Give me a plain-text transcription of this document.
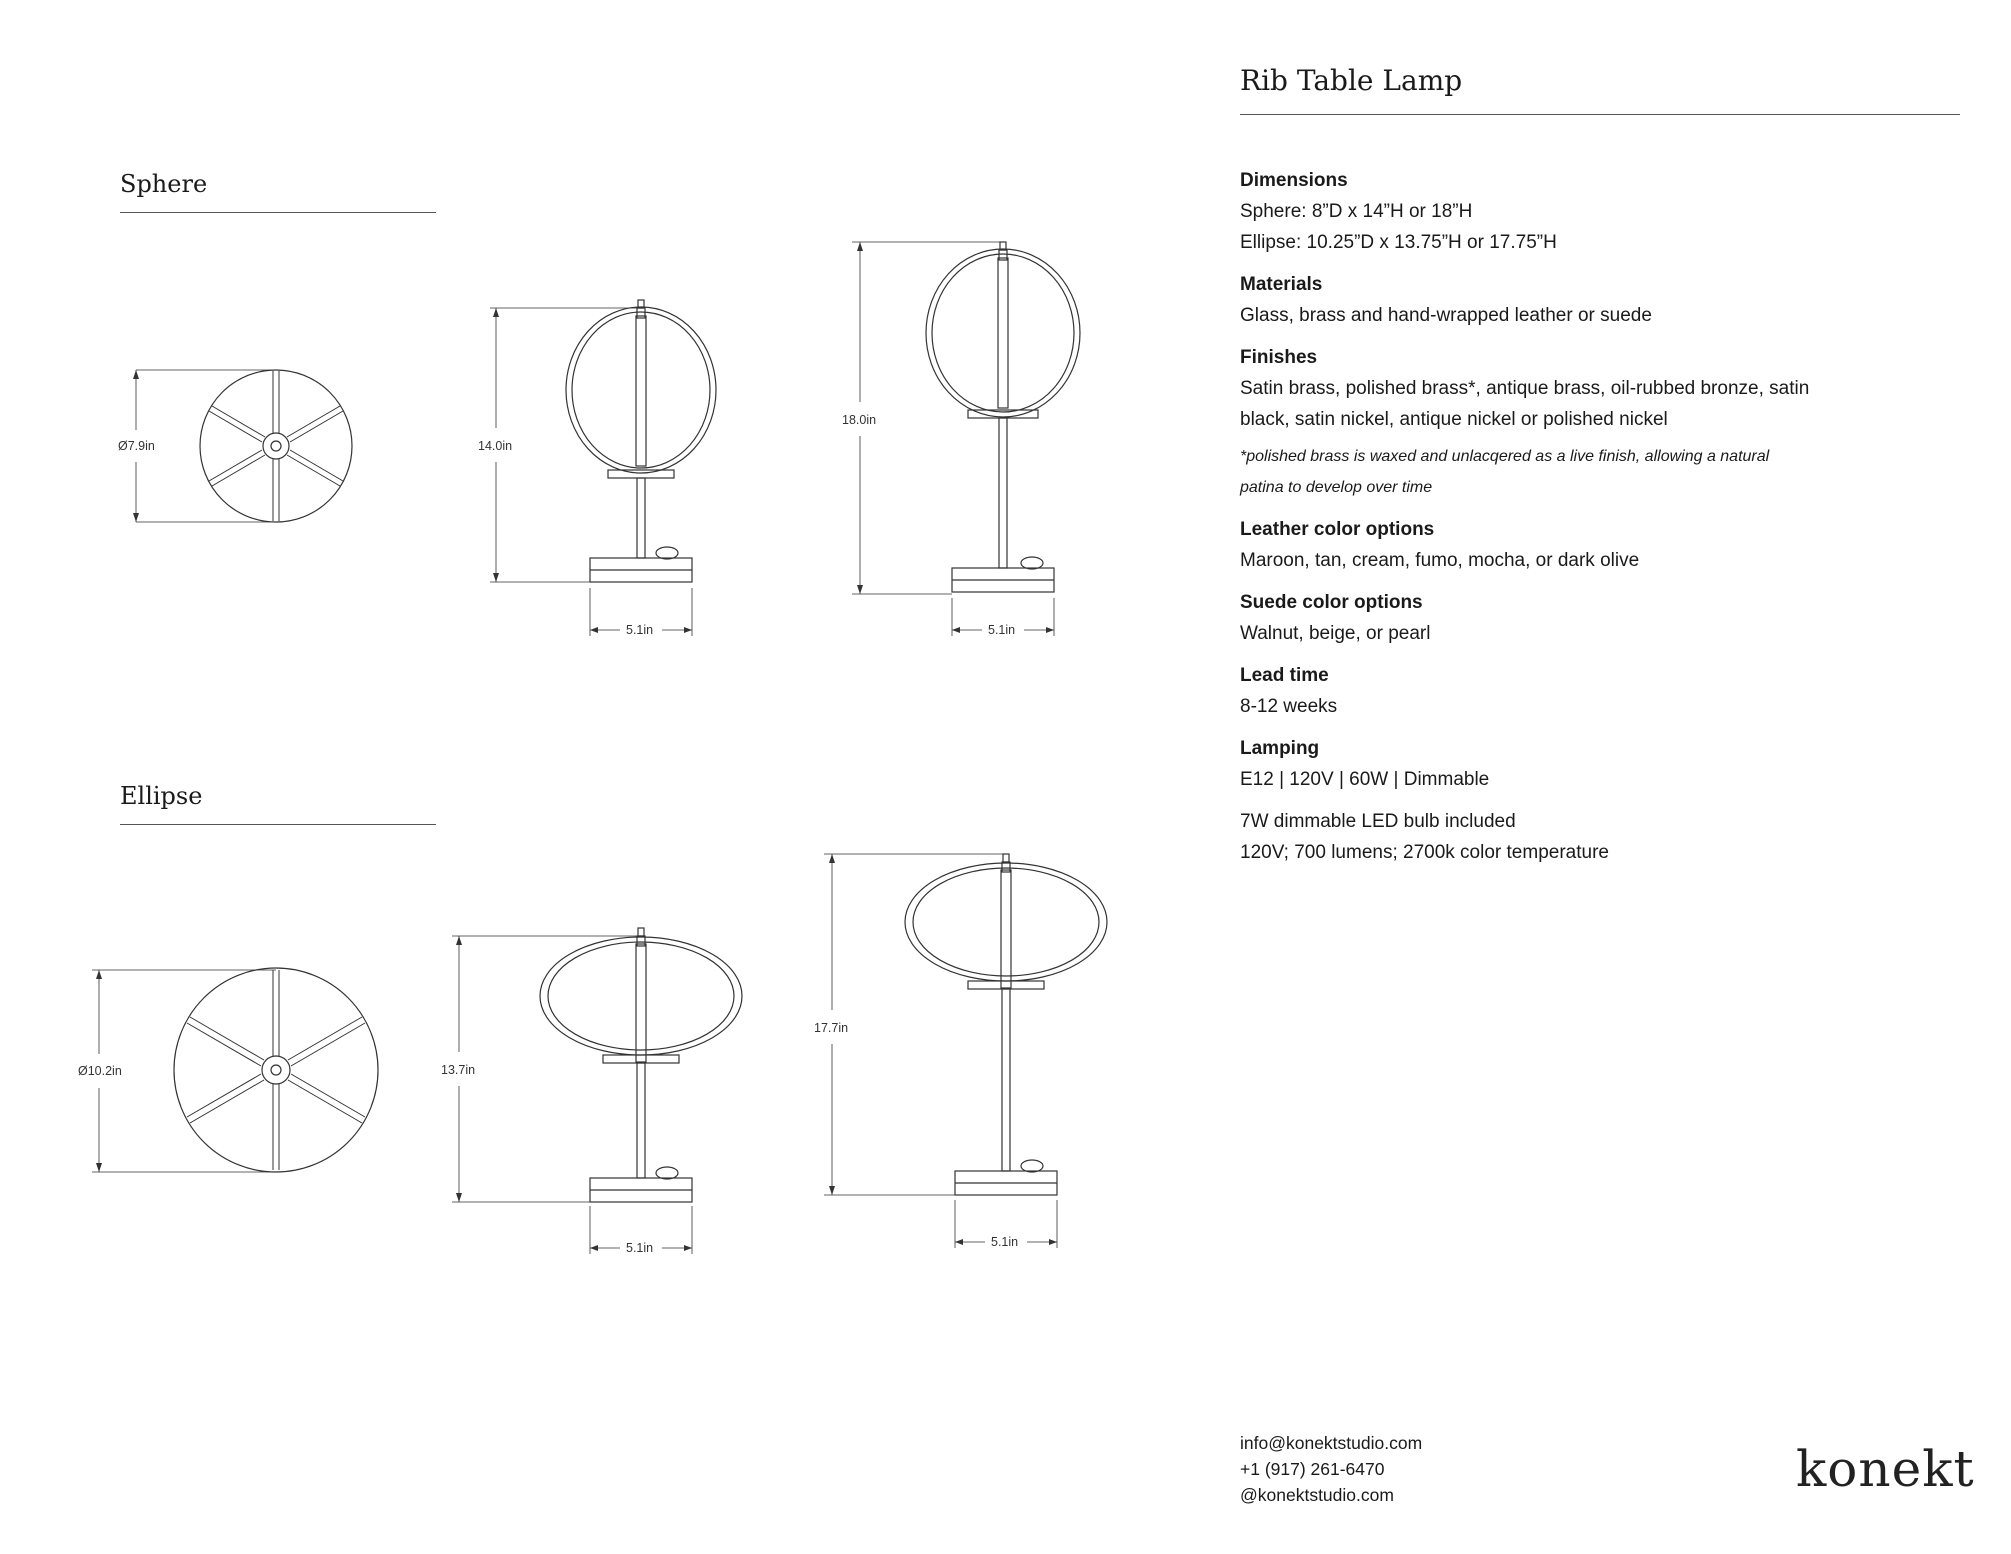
Sphere
Ellipse
Ø7.9in	14.0in
5.1in
18.0in
5.1in
Ø10.2in	13.7in
5.1in
17.7in
5.1in
Rib Table Lamp
Dimensions
Sphere: 8”D x 14”H or 18”H
Ellipse: 10.25”D x 13.75”H or 17.75”H
Materials
Glass, brass and hand-wrapped leather or suede
Finishes
Satin brass, polished brass*, antique brass, oil-rubbed bronze, satin
black, satin nickel, antique nickel or polished nickel
*polished brass is waxed and unlacqered as a live finish, allowing a natural
patina to develop over time
Leather color options
Maroon, tan, cream, fumo, mocha, or dark olive
Suede color options
Walnut, beige, or pearl
Lead time
8-12 weeks
Lamping
E12 | 120V | 60W | Dimmable
7W dimmable LED bulb included
120V; 700 lumens; 2700k color temperature
info@konektstudio.com
+1 (917) 261-6470
@konektstudio.com	konekt
